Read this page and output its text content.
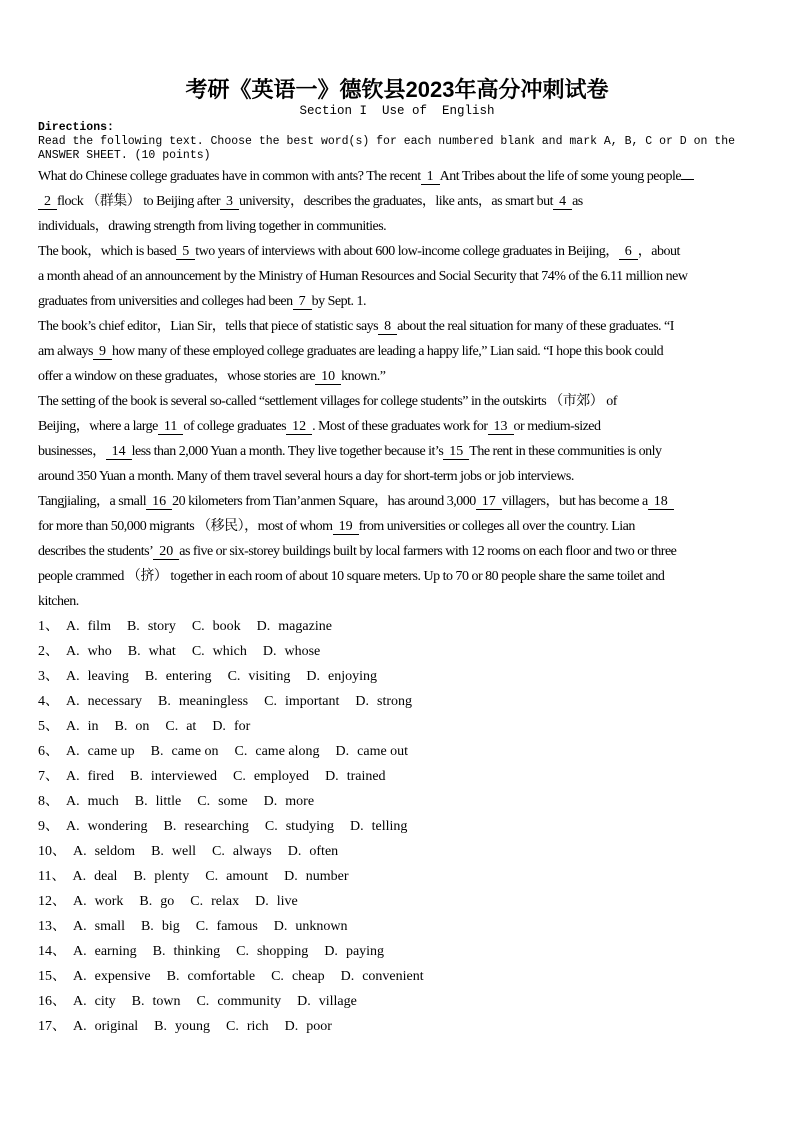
考研《英语一》德钦县2023年高分冲刺试卷
Section I  Use of  English
Directions:
Read the following text. Choose the best word(s) for each numbered blank and mark A, B, C or D on the
ANSWER SHEET. (10 points)
What do Chinese college graduates have in common with ants? The recent 1 Ant Tribes about the life of some young people
2 flock （群集） to Beijing after 3 university，describes the graduates，like ants，as smart but 4 as
individuals，drawing strength from living together in communities.
The book，which is based 5 two years of interviews with about 600 low-income college graduates in Beijing， 6 ，about
a month ahead of an announcement by the Ministry of Human Resources and Social Security that 74% of the 6.11 million new
graduates from universities and colleges had been 7 by Sept. 1.
The book’s chief editor，Lian Sir，tells that piece of statistic says 8 about the real situation for many of these graduates. “I
am always 9 how many of these employed college graduates are leading a happy life,” Lian said. “I hope this book could
offer a window on these graduates，whose stories are 10 known.”
The setting of the book is several so-called “settlement villages for college students” in the outskirts （市郊） of
Beijing，where a large 11 of college graduates 12 . Most of these graduates work for 13 or medium-sized
businesses， 14 less than 2,000 Yuan a month. They live together because it’s 15 The rent in these communities is only
around 350 Yuan a month. Many of them travel several hours a day for short-term jobs or job interviews.
Tangjialing，a small 16 20 kilometers from Tian’anmen Square，has around 3,000 17 villagers，but has become a 18
for more than 50,000 migrants （移民），most of whom 19 from universities or colleges all over the country. Lian
describes the students’ 20 as five or six-storey buildings built by local farmers with 12 rooms on each floor and two or three
people crammed （挤） together in each room of about 10 square meters. Up to 70 or 80 people share the same toilet and
kitchen.
1、 A. film B. story C. book D. magazine
2、 A. who B. what C. which D. whose
3、 A. leaving B. entering C. visiting D. enjoying
4、 A. necessary B. meaningless C. important D. strong
5、 A. in B. on C. at D. for
6、 A. came up B. came on C. came along D. came out
7、 A. fired B. interviewed C. employed D. trained
8、 A. much B. little C. some D. more
9、 A. wondering B. researching C. studying D. telling
10、 A. seldom B. well C. always D. often
11、 A. deal B. plenty C. amount D. number
12、 A. work B. go C. relax D. live
13、 A. small B. big C. famous D. unknown
14、 A. earning B. thinking C. shopping D. paying
15、 A. expensive B. comfortable C. cheap D. convenient
16、 A. city B. town C. community D. village
17、 A. original B. young C. rich D. poor
